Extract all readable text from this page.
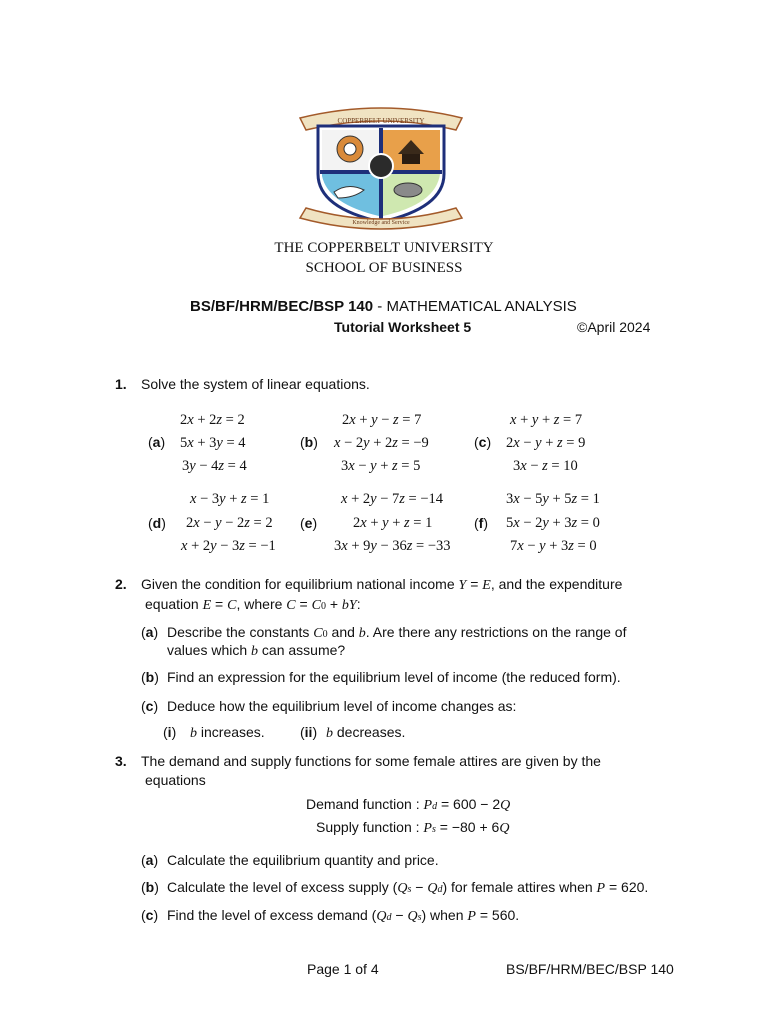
COPPERBELT UNIVERSITY
Knowledge and Service
THE COPPERBELT UNIVERSITY
SCHOOL OF BUSINESS
BS/BF/HRM/BEC/BSP 140 - MATHEMATICAL ANALYSIS
Tutorial Worksheet 5	©April 2024
1. Solve the system of linear equations.
(a)	(b)	(c)
(d)	(e)	(f)
2x + 2z = 2
5x + 3y = 4
3y − 4z = 4
2x + y − z = 7
x − 2y + 2z = −9
3x − y + z = 5
x + y + z = 7
2x − y + z = 9
3x − z = 10
x − 3y + z = 1
2x − y − 2z = 2
x + 2y − 3z = −1
x + 2y − 7z = −14
2x + y + z = 1
3x + 9y − 36z = −33
3x − 5y + 5z = 1
5x − 2y + 3z = 0
7x − y + 3z = 0
2. Given the condition for equilibrium national income Y = E, and the expenditure
equation E = C, where C = C0 + bY:
(a) Describe the constants C0 and b. Are there any restrictions on the range of
values which b can assume?
(b) Find an expression for the equilibrium level of income (the reduced form).
(c) Deduce how the equilibrium level of income changes as:
(i) b increases.	(ii) b decreases.
3. The demand and supply functions for some female attires are given by the
equations
Demand function : Pd = 600 − 2Q
Supply function : Ps = −80 + 6Q
(a) Calculate the equilibrium quantity and price.
(b) Calculate the level of excess supply (Qs − Qd) for female attires when P = 620.
(c) Find the level of excess demand (Qd − Qs) when P = 560.
Page 1 of 4	BS/BF/HRM/BEC/BSP 140
